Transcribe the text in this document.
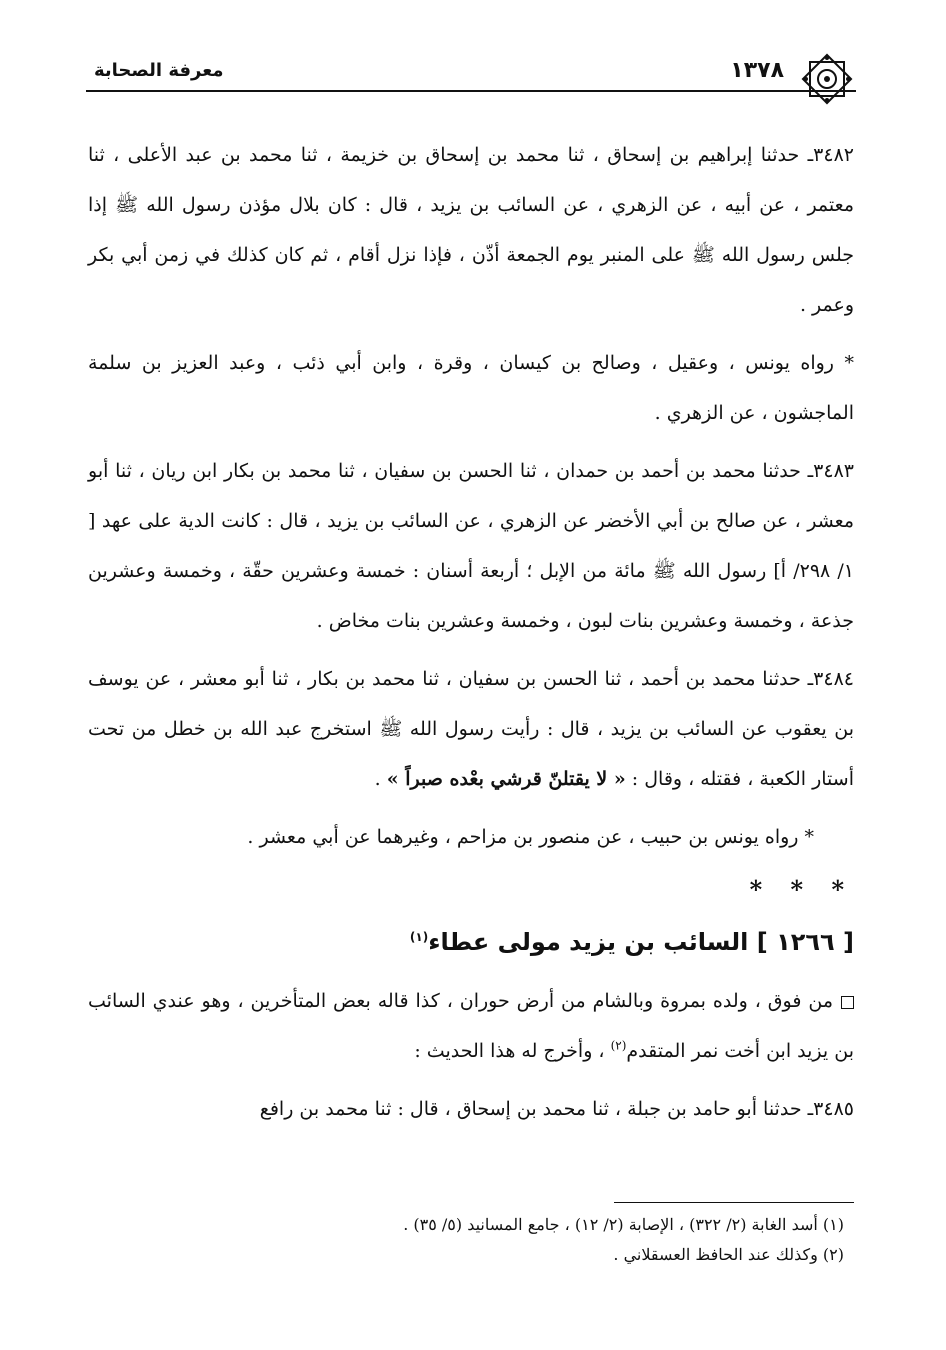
١٣٧٨
معرفة الصحابة

٣٤٨٢ـ حدثنا إبراهيم بن إسحاق ، ثنا محمد بن إسحاق بن خزيمة ، ثنا محمد بن عبد الأعلى ، ثنا معتمر ، عن أبيه ، عن الزهري ، عن السائب بن يزيد ، قال : كان بلال مؤذن رسول الله ﷺ إذا جلس رسول الله ﷺ على المنبر يوم الجمعة أذّن ، فإذا نزل أقام ، ثم كان كذلك في زمن أبي بكر وعمر .

* رواه يونس ، وعقيل ، وصالح بن كيسان ، وقرة ، وابن أبي ذئب ، وعبد العزيز بن سلمة الماجشون ، عن الزهري .

٣٤٨٣ـ حدثنا محمد بن أحمد بن حمدان ، ثنا الحسن بن سفيان ، ثنا محمد بن بكار ابن ريان ، ثنا أبو معشر ، عن صالح بن أبي الأخضر عن الزهري ، عن السائب بن يزيد ، قال : كانت الدية على عهد [ ١/ ٢٩٨/ أ] رسول الله ﷺ مائة من الإبل ؛ أربعة أسنان : خمسة وعشرين حقّة ، وخمسة وعشرين جذعة ، وخمسة وعشرين بنات لبون ، وخمسة وعشرين بنات مخاض .

٣٤٨٤ـ حدثنا محمد بن أحمد ، ثنا الحسن بن سفيان ، ثنا محمد بن بكار ، ثنا أبو معشر ، عن يوسف بن يعقوب عن السائب بن يزيد ، قال : رأيت رسول الله ﷺ استخرج عبد الله بن خطل من تحت أستار الكعبة ، فقتله ، وقال : « لا يقتلنّ قرشي بعْده صبراً » .

* رواه يونس بن حبيب ، عن منصور بن مزاحم ، وغيرهما عن أبي معشر .

* * *
[ ١٢٦٦ ] السائب بن يزيد مولى عطاء$^{(١)}$

من فوق ، ولده بمروة وبالشام من أرض حوران ، كذا قاله بعض المتأخرين ، وهو عندي السائب بن يزيد ابن أخت نمر المتقدم$^{(٢)}$ ، وأخرج له هذا الحديث :

٣٤٨٥ـ حدثنا أبو حامد بن جبلة ، ثنا محمد بن إسحاق ، قال : ثنا محمد بن رافع

(١) أسد الغابة (٢/ ٣٢٢) ، الإصابة (٢/ ١٢) ، جامع المسانيد (٥/ ٣٥) .

(٢) وكذلك عند الحافظ العسقلاني .
